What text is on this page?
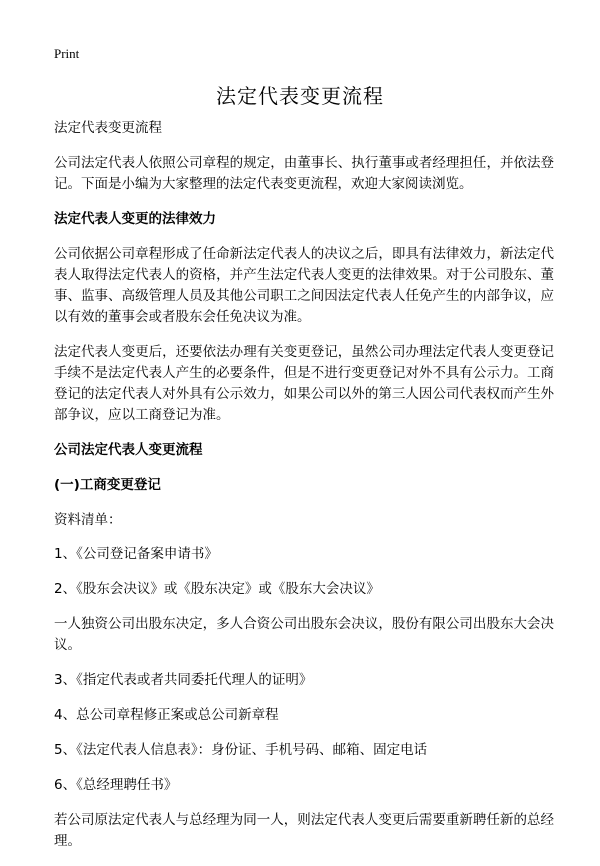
Print
法定代表变更流程
法定代表变更流程
公司法定代表人依照公司章程的规定，由董事长、执行董事或者经理担任，并依法登记。下面是小编为大家整理的法定代表变更流程，欢迎大家阅读浏览。
法定代表人变更的法律效力
公司依据公司章程形成了任命新法定代表人的决议之后，即具有法律效力，新法定代表人取得法定代表人的资格，并产生法定代表人变更的法律效果。对于公司股东、董事、监事、高级管理人员及其他公司职工之间因法定代表人任免产生的内部争议，应以有效的董事会或者股东会任免决议为准。
法定代表人变更后，还要依法办理有关变更登记，虽然公司办理法定代表人变更登记手续不是法定代表人产生的必要条件，但是不进行变更登记对外不具有公示力。工商登记的法定代表人对外具有公示效力，如果公司以外的第三人因公司代表权而产生外部争议，应以工商登记为准。
公司法定代表人变更流程
(一)工商变更登记
资料清单：
1、《公司登记备案申请书》
2、《股东会决议》或《股东决定》或《股东大会决议》
一人独资公司出股东决定，多人合资公司出股东会决议，股份有限公司出股东大会决议。
3、《指定代表或者共同委托代理人的证明》
4、总公司章程修正案或总公司新章程
5、《法定代表人信息表》：身份证、手机号码、邮箱、固定电话
6、《总经理聘任书》
若公司原法定代表人与总经理为同一人，则法定代表人变更后需要重新聘任新的总经理。
